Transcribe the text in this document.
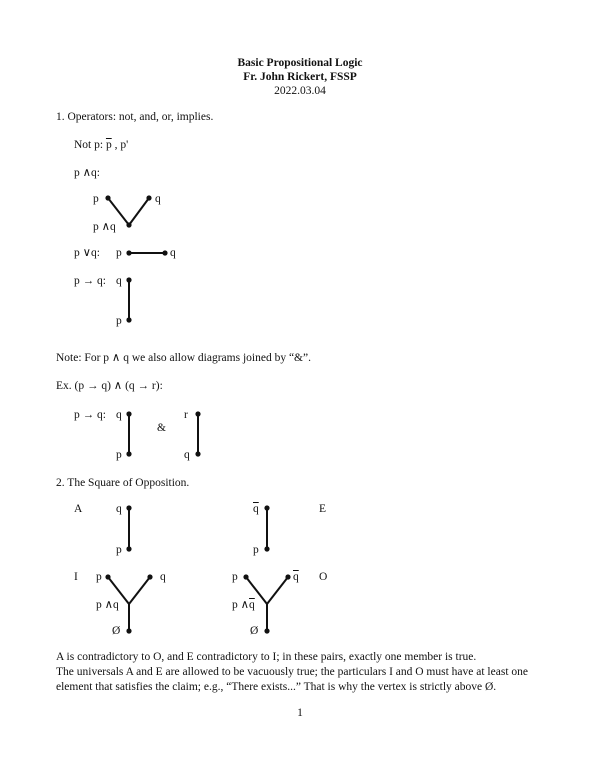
Basic Propositional Logic
Fr. John Rickert, FSSP
2022.03.04
1. Operators: not, and, or, implies.
Not p: $\overline{p}$ , p'
p ∧q:
p	q
p ∧q
p ∨q: p	q
p → q: q
p
Note: For p ∧ q we also allow diagrams joined by “&”.
Ex. (p → q) ∧ (q → r):
p → q: q
p
&
r
q
2. The Square of Opposition.
A	q
p
$\overline{q}$
p
E
I p	q
p ∧q
Ø
p	$\overline{q}$ O
p $\wedge\overline{q}$
Ø
A is contradictory to O, and E contradictory to I; in these pairs, exactly one member is true.
The universals A and E are allowed to be vacuously true; the particulars I and O must have at least one
element that satisfies the claim; e.g., “There exists...” That is why the vertex is strictly above Ø.
1
